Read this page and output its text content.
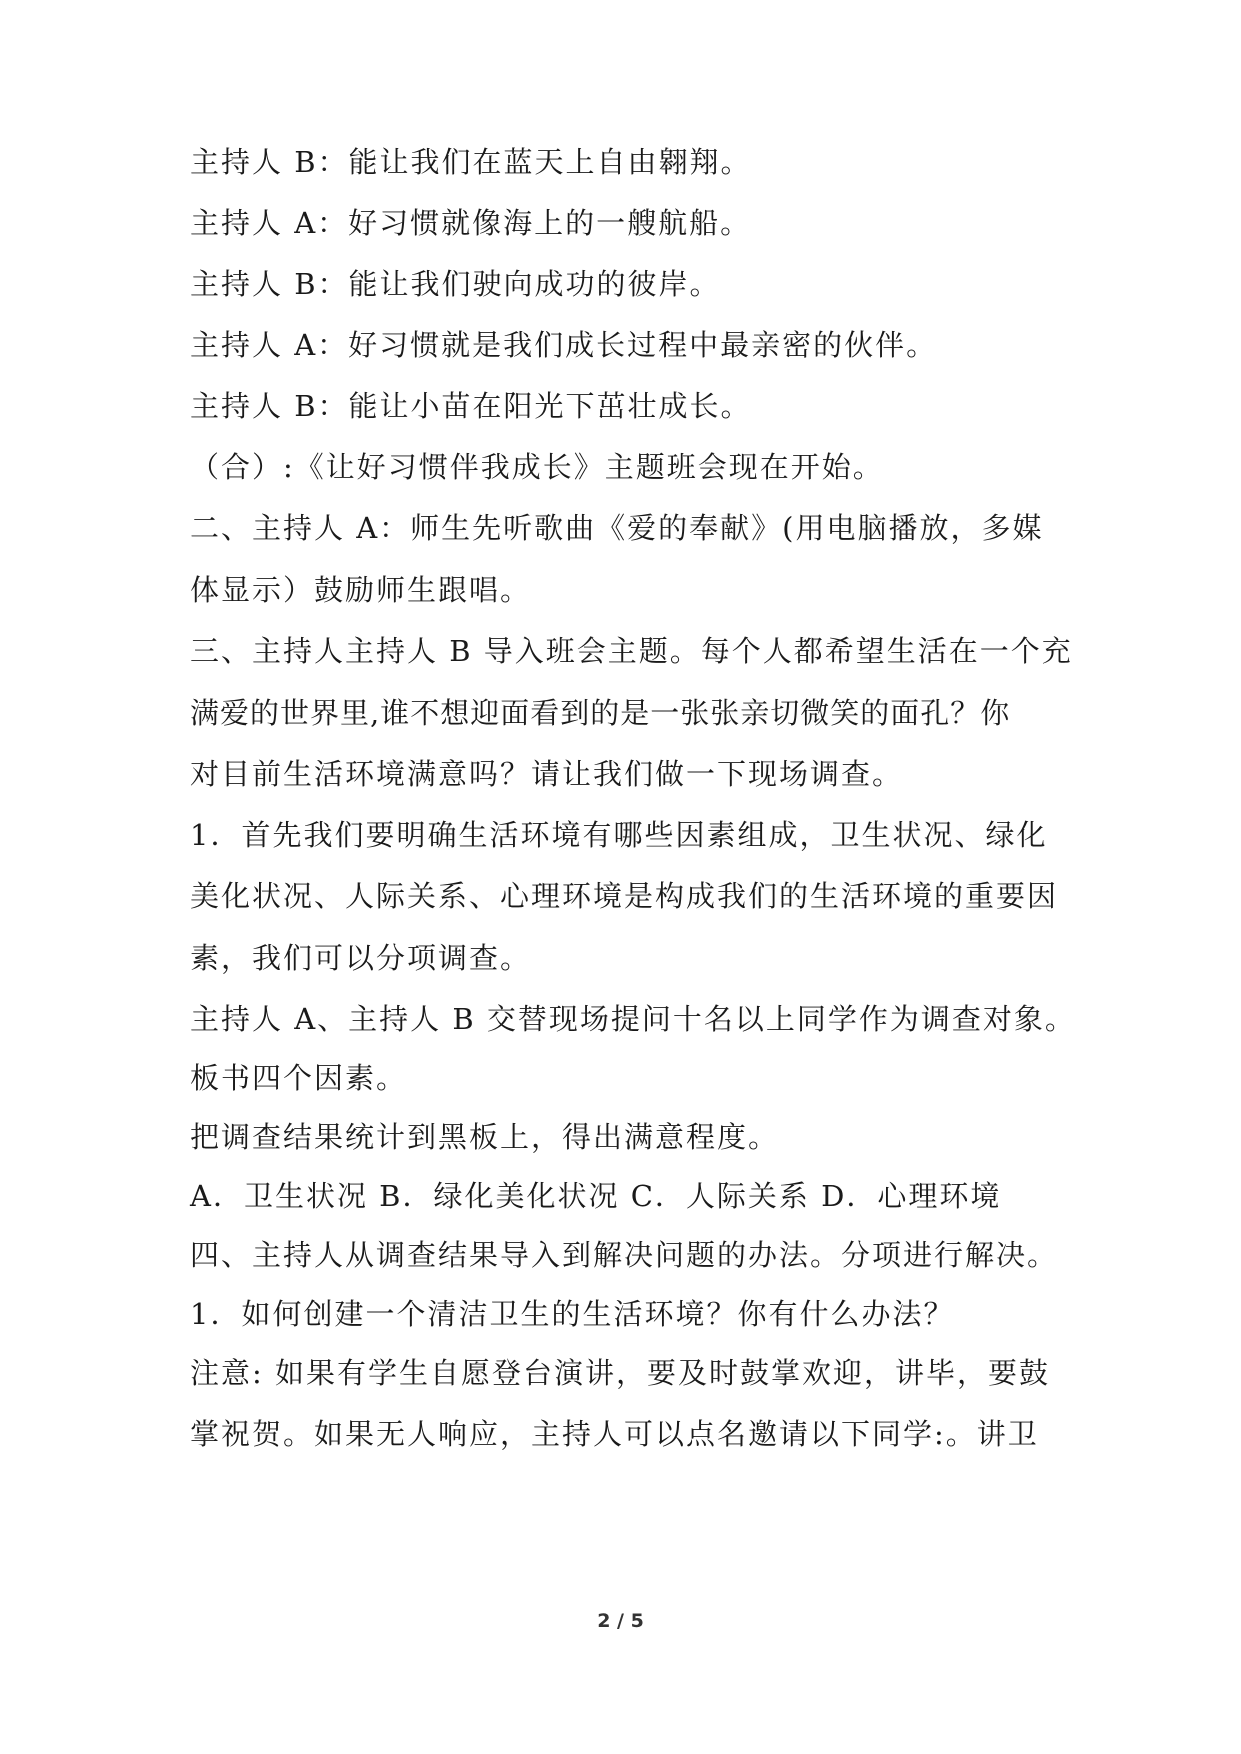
主持人 B：能让我们在蓝天上自由翱翔。
主持人 A：好习惯就像海上的一艘航船。
主持人 B：能让我们驶向成功的彼岸。
主持人 A：好习惯就是我们成长过程中最亲密的伙伴。
主持人 B：能让小苗在阳光下茁壮成长。
（合）:《让好习惯伴我成长》主题班会现在开始。
二、主持人 A：师生先听歌曲《爱的奉献》(用电脑播放，多媒
体显示）鼓励师生跟唱。
三、主持人主持人 B 导入班会主题。每个人都希望生活在一个充
满爱的世界里,谁不想迎面看到的是一张张亲切微笑的面孔？你
对目前生活环境满意吗？请让我们做一下现场调查。
1．首先我们要明确生活环境有哪些因素组成，卫生状况、绿化
美化状况、人际关系、心理环境是构成我们的生活环境的重要因
素，我们可以分项调查。
主持人 A、主持人 B 交替现场提问十名以上同学作为调查对象。
板书四个因素。
把调查结果统计到黑板上，得出满意程度。
A．卫生状况 B．绿化美化状况 C．人际关系 D．心理环境
四、主持人从调查结果导入到解决问题的办法。分项进行解决。
1．如何创建一个清洁卫生的生活环境？你有什么办法？
注意: 如果有学生自愿登台演讲，要及时鼓掌欢迎，讲毕，要鼓
掌祝贺。如果无人响应，主持人可以点名邀请以下同学:。讲卫
2 / 5
